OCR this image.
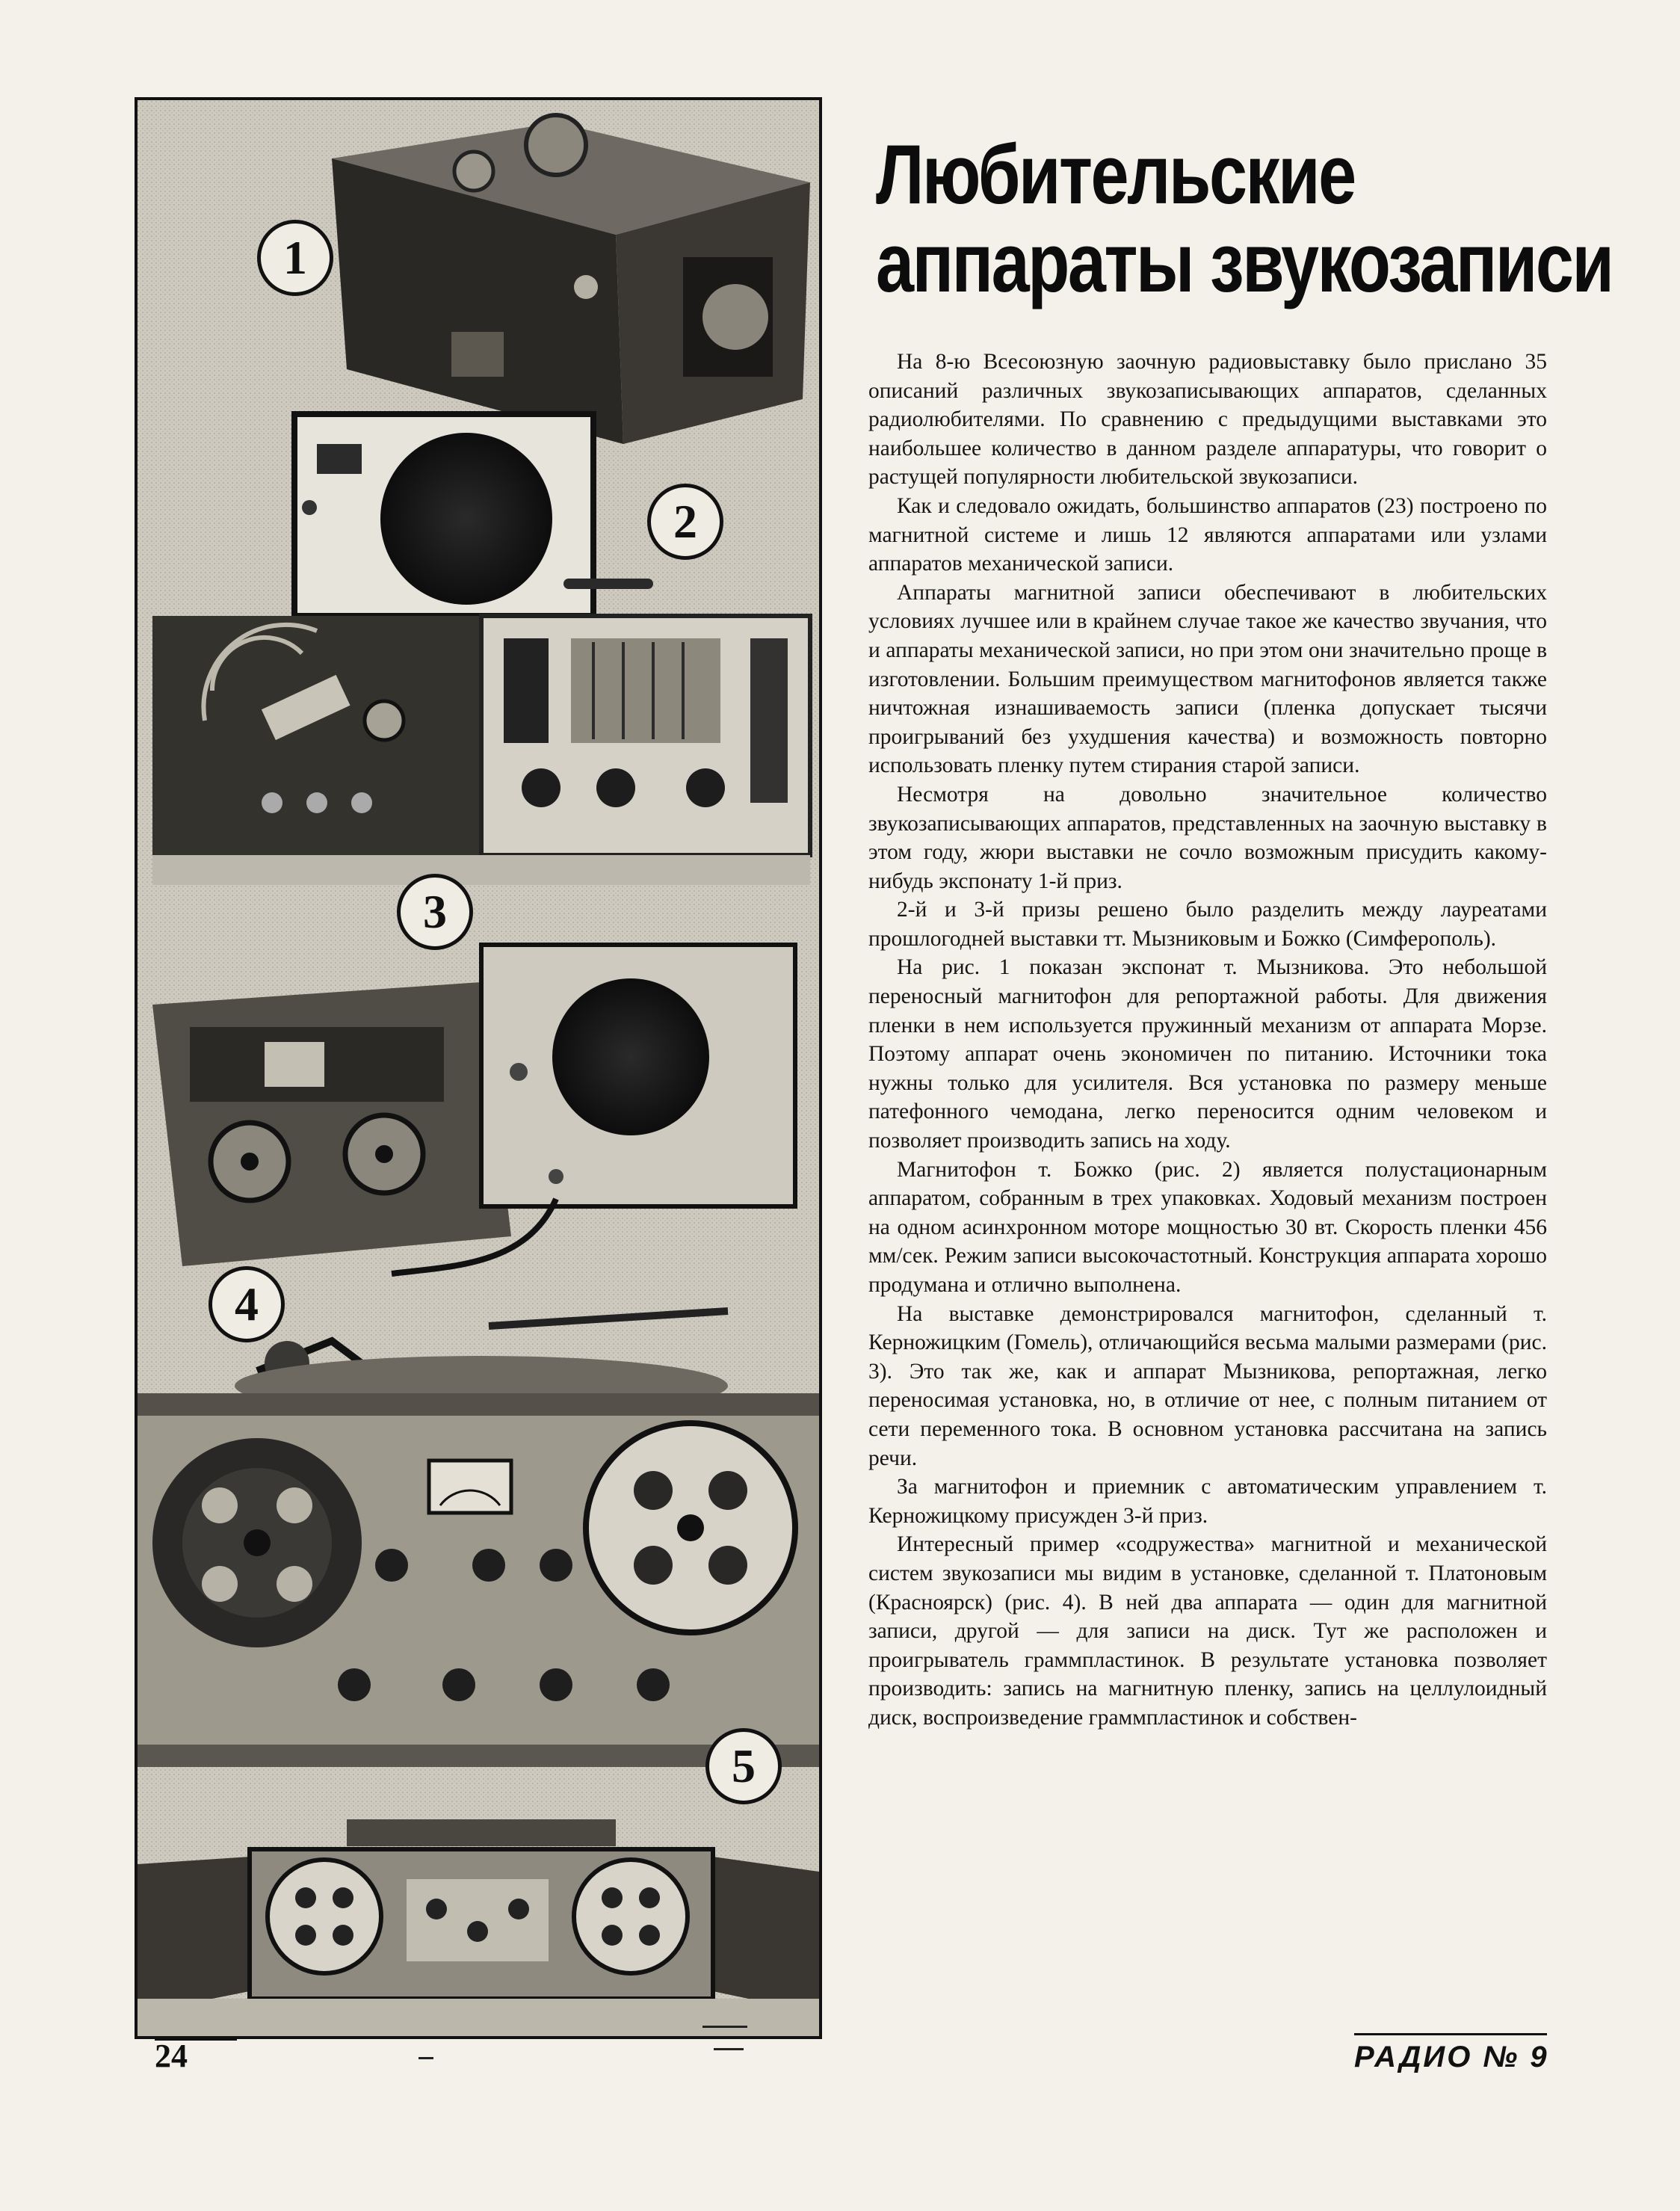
1
2
3
4
5
Любительские
аппараты звукозаписи

На 8-ю Всесоюзную заочную радиовыставку было прислано 35 описаний различных звукозаписывающих аппаратов, сделанных радиолюбителями. По сравнению с предыдущими выставками это наибольшее количество в данном разделе аппаратуры, что говорит о растущей популярности любительской звукозаписи.

Как и следовало ожидать, большинство аппаратов (23) построено по магнитной системе и лишь 12 являются аппаратами или узлами аппаратов механической записи.

Аппараты магнитной записи обеспечивают в любительских условиях лучшее или в крайнем случае такое же качество звучания, что и аппараты механической записи, но при этом они значительно проще в изготовлении. Большим преимуществом магнитофонов является также ничтожная изнашиваемость записи (пленка допускает тысячи проигрываний без ухудшения качества) и возможность повторно использовать пленку путем стирания старой записи.

Несмотря на довольно значительное количество звукозаписывающих аппаратов, представленных на заочную выставку в этом году, жюри выставки не сочло возможным присудить какому-нибудь экспонату 1-й приз.

2-й и 3-й призы решено было разделить между лауреатами прошлогодней выставки тт. Мызниковым и Божко (Симферополь).

На рис. 1 показан экспонат т. Мызникова. Это небольшой переносный магнитофон для репортажной работы. Для движения пленки в нем используется пружинный механизм от аппарата Морзе. Поэтому аппарат очень экономичен по питанию. Источники тока нужны только для усилителя. Вся установка по размеру меньше патефонного чемодана, легко переносится одним человеком и позволяет производить запись на ходу.

Магнитофон т. Божко (рис. 2) является полустационарным аппаратом, собранным в трех упаковках. Ходовый механизм построен на одном асинхронном моторе мощностью 30 вт. Скорость пленки 456 мм/сек. Режим записи высокочастотный. Конструкция аппарата хорошо продумана и отлично выполнена.

На выставке демонстрировался магнитофон, сделанный т. Керножицким (Гомель), отличающийся весьма малыми размерами (рис. 3). Это так же, как и аппарат Мызникова, репортажная, легко переносимая установка, но, в отличие от нее, с полным питанием от сети переменного тока. В основном установка рассчитана на запись речи.

За магнитофон и приемник с автоматическим управлением т. Керножицкому присужден 3-й приз.

Интересный пример «содружества» магнитной и механической систем звукозаписи мы видим в установке, сделанной т. Платоновым (Красноярск) (рис. 4). В ней два аппарата — один для магнитной записи, другой — для записи на диск. Тут же расположен и проигрыватель граммпластинок. В результате установка позволяет производить: запись на магнитную пленку, запись на целлулоидный диск, воспроизведение граммпластинок и собствен-

24	РАДИО № 9
